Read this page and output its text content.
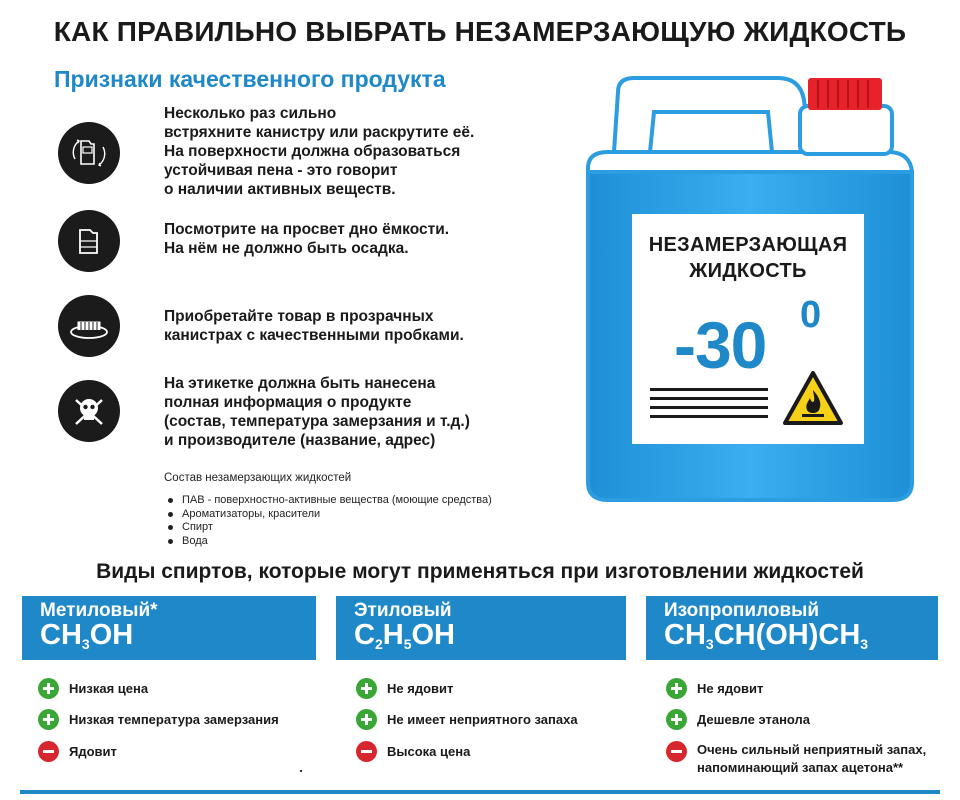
КАК ПРАВИЛЬНО ВЫБРАТЬ НЕЗАМЕРЗАЮЩУЮ ЖИДКОСТЬ
Признаки качественного продукта
Несколько раз сильно
встряхните канистру или раскрутите её.
На поверхности должна образоваться
устойчивая пена - это говорит
о наличии активных веществ.
Посмотрите на просвет дно ёмкости.
На нём не должно быть осадка.
Приобретайте товар в прозрачных
канистрах с качественными пробками.
На этикетке должна быть нанесена
полная информация о продукте
(состав, температура замерзания и т.д.)
и производителе (название, адрес)
Состав незамерзающих жидкостей
ПАВ - поверхностно-активные вещества (моющие средства)
Ароматизаторы, красители
Спирт
Вода
НЕЗАМЕРЗАЮЩАЯ
ЖИДКОСТЬ
-30 0
Виды спиртов, которые могут применяться при изготовлении жидкостей
Метиловый*
$CH_3OH$
Этиловый
$C_2H_5OH$
Изопропиловый
$CH_3CH(OH)CH_3$
Низкая цена
Низкая температура замерзания
Ядовит
Не ядовит
Не имеет неприятного запаха
Высока цена
Не ядовит
Дешевле этанола
Очень сильный неприятный запах,
напоминающий запах ацетона**
